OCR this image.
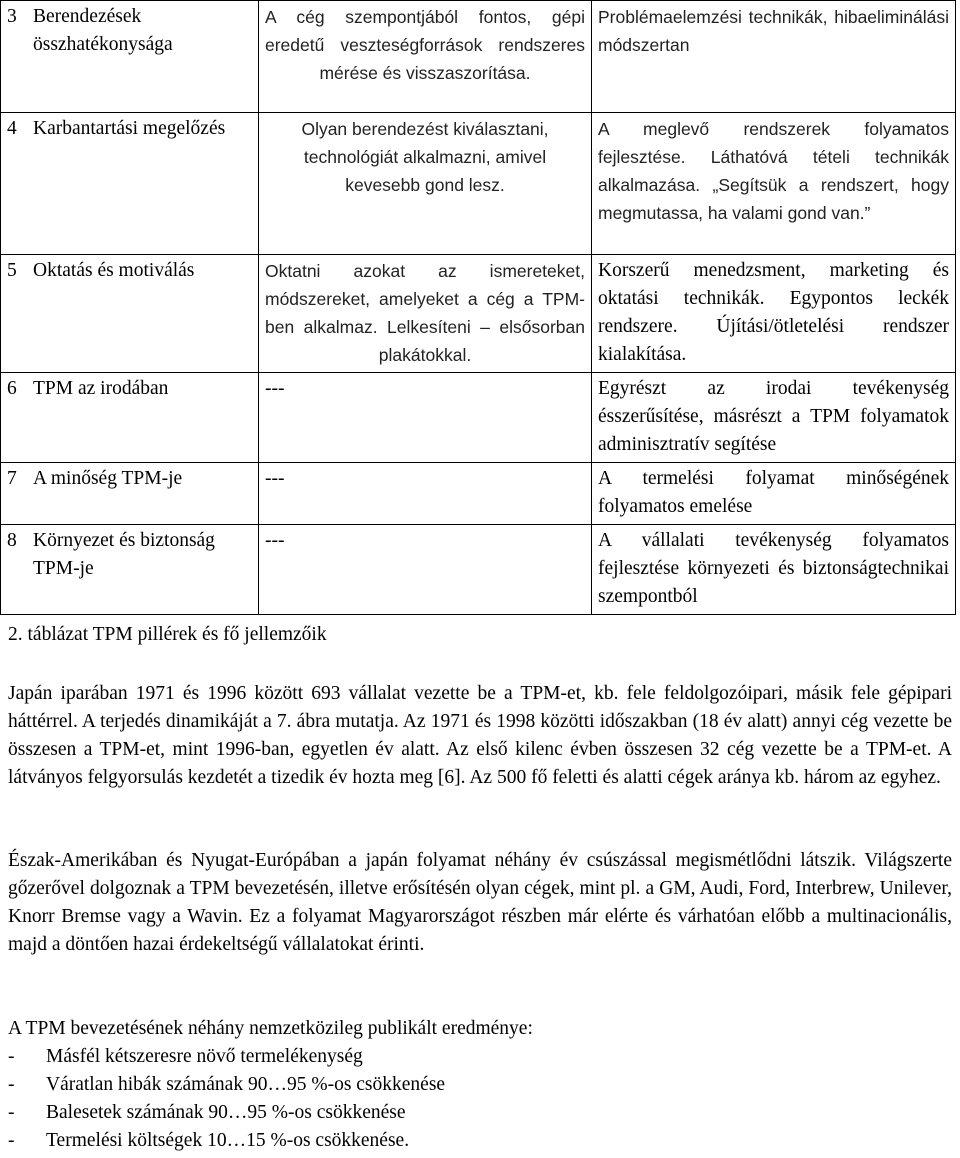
3 Berendezések összhatékonysága	A cég szempontjából fontos, gépi eredetű veszteségforrások rendszeres mérése és visszaszorítása.	Problémaelemzési technikák, hibaeliminálási módszertan

4 Karbantartási megelőzés	Olyan berendezést kiválasztani, technológiát alkalmazni, amivel kevesebb gond lesz.	A meglevő rendszerek folyamatos fejlesztése. Láthatóvá tételi technikák alkalmazása. „Segítsük a rendszert, hogy megmutassa, ha valami gond van.”

5 Oktatás és motiválás	Oktatni azokat az ismereteket, módszereket, amelyeket a cég a TPM-ben alkalmaz. Lelkesíteni – elsősorban plakátokkal.	Korszerű menedzsment, marketing és oktatási technikák. Egypontos leckék rendszere. Újítási/ötletelési rendszer kialakítása.

6 TPM az irodában	---	Egyrészt az irodai tevékenység ésszerűsítése, másrészt a TPM folyamatok adminisztratív segítése

7 A minőség TPM-je	---	A termelési folyamat minőségének folyamatos emelése

8 Környezet és biztonság TPM-je	---	A vállalati tevékenység folyamatos fejlesztése környezeti és biztonságtechnikai szempontból
2. táblázat TPM pillérek és fő jellemzőik

Japán iparában 1971 és 1996 között 693 vállalat vezette be a TPM-et, kb. fele feldolgozóipari, másik fele gépipari háttérrel. A terjedés dinamikáját a 7. ábra mutatja. Az 1971 és 1998 közötti időszakban (18 év alatt) annyi cég vezette be összesen a TPM-et, mint 1996-ban, egyetlen év alatt. Az első kilenc évben összesen 32 cég vezette be a TPM-et. A látványos felgyorsulás kezdetét a tizedik év hozta meg [6]. Az 500 fő feletti és alatti cégek aránya kb. három az egyhez.

Észak-Amerikában és Nyugat-Európában a japán folyamat néhány év csúszással megismétlődni látszik. Világszerte gőzerővel dolgoznak a TPM bevezetésén, illetve erősítésén olyan cégek, mint pl. a GM, Audi, Ford, Interbrew, Unilever, Knorr Bremse vagy a Wavin. Ez a folyamat Magyarországot részben már elérte és várhatóan előbb a multinacionális, majd a döntően hazai érdekeltségű vállalatokat érinti.

A TPM bevezetésének néhány nemzetközileg publikált eredménye:

-	Másfél kétszeresre növő termelékenység
-	Váratlan hibák számának 90…95 %-os csökkenése
-	Balesetek számának 90…95 %-os csökkenése
-	Termelési költségek 10…15 %-os csökkenése.
